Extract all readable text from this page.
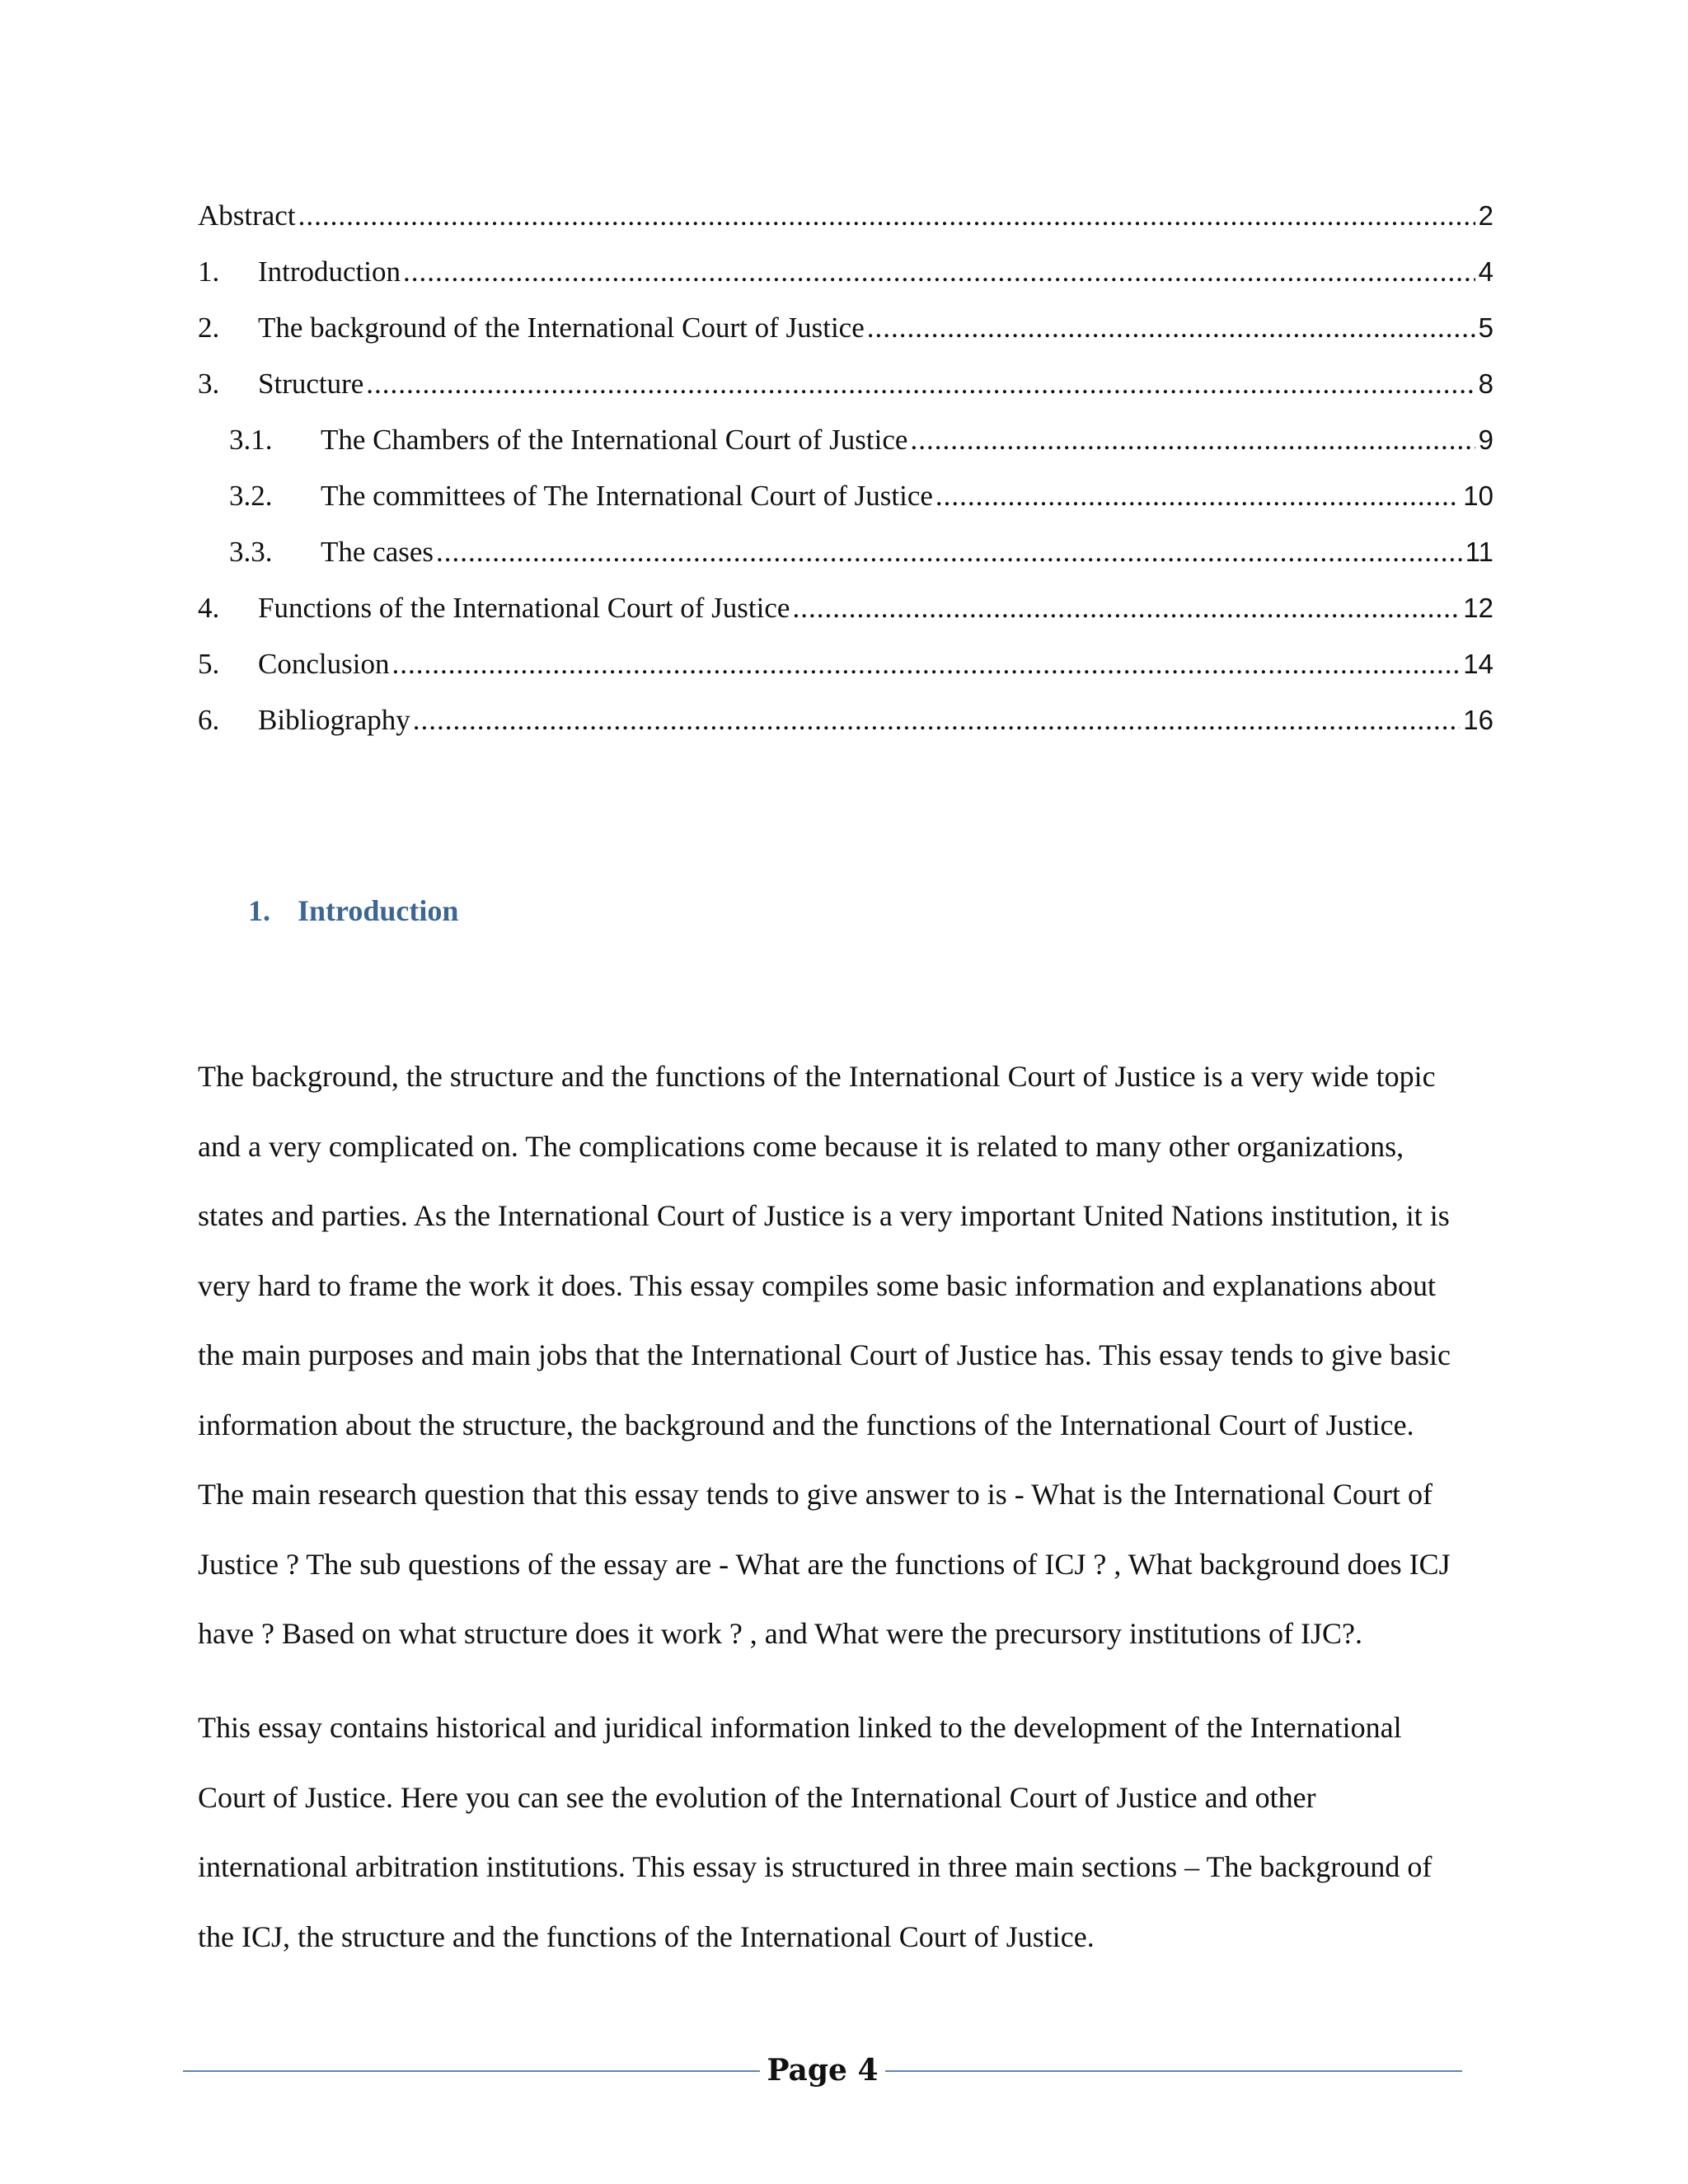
Abstract .....	2
1.	Introduction .....	4
2.	The background of the International Court of Justice .....	5
3.	Structure .....	8
3.1.	The Chambers of the International Court of Justice .....	9
3.2.	The committees of The International Court of Justice .....	10
3.3.	The cases .....	11
4.	Functions of the International Court of Justice .....	12
5.	Conclusion .....	14
6.	Bibliography .....	16
1. Introduction

The background, the structure and the functions of the International Court of Justice is a very wide topic
and a very complicated on. The complications come because it is related to many other organizations,
states and parties. As the International Court of Justice is a very important United Nations institution, it is
very hard to frame the work it does. This essay compiles some basic information and explanations about
the main purposes and main jobs that the International Court of Justice has. This essay tends to give basic
information about the structure, the background and the functions of the International Court of Justice.
The main research question that this essay tends to give answer to is - What is the International Court of
Justice ? The sub questions of the essay are - What are the functions of ICJ ? , What background does ICJ
have ? Based on what structure does it work ? , and What were the precursory institutions of IJC?.

This essay contains historical and juridical information linked to the development of the International
Court of Justice. Here you can see the evolution of the International Court of Justice and other
international arbitration institutions. This essay is structured in three main sections – The background of
the ICJ, the structure and the functions of the International Court of Justice.

Page 4
